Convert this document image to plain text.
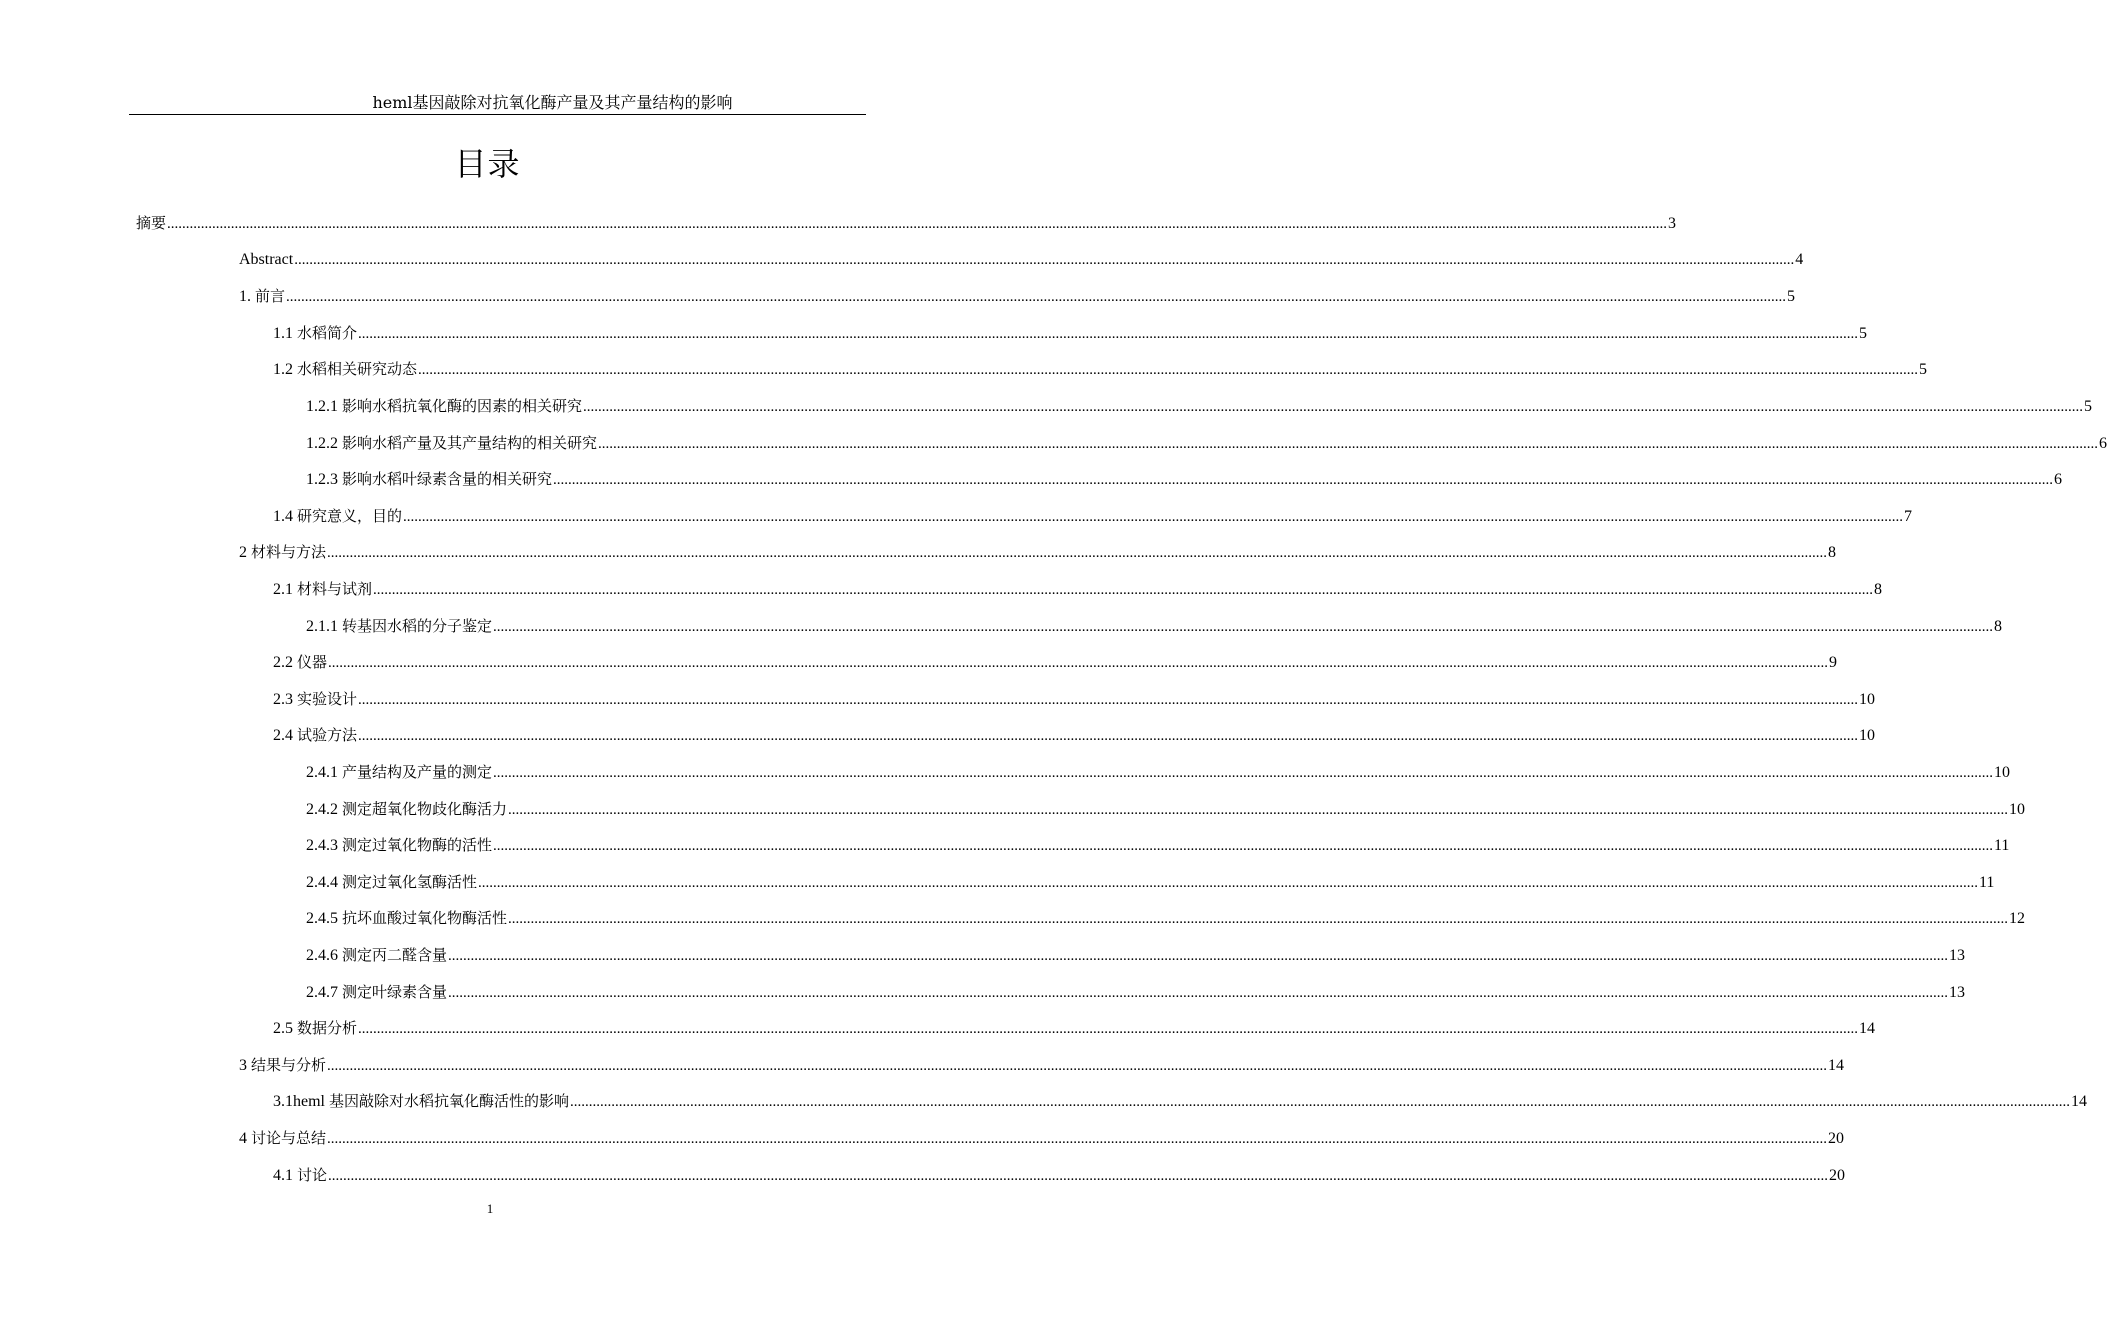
heml基因敲除对抗氧化酶产量及其产量结构的影响
目录
摘要 ................................................................................................................................................................................................................................................................................................................................................................................................................ 3
Abstract ................................................................................................................................................................................................................................................................................................................................................................................................................ 4
1. 前言 ................................................................................................................................................................................................................................................................................................................................................................................................................ 5
1.1 水稻简介 ................................................................................................................................................................................................................................................................................................................................................................................................................ 5
1.2 水稻相关研究动态 ................................................................................................................................................................................................................................................................................................................................................................................................................ 5
1.2.1 影响水稻抗氧化酶的因素的相关研究 ................................................................................................................................................................................................................................................................................................................................................................................................................ 5
1.2.2 影响水稻产量及其产量结构的相关研究 ................................................................................................................................................................................................................................................................................................................................................................................................................ 6
1.2.3 影响水稻叶绿素含量的相关研究 ................................................................................................................................................................................................................................................................................................................................................................................................................ 6
1.4 研究意义，目的 ................................................................................................................................................................................................................................................................................................................................................................................................................ 7
2 材料与方法 ................................................................................................................................................................................................................................................................................................................................................................................................................ 8
2.1 材料与试剂 ................................................................................................................................................................................................................................................................................................................................................................................................................ 8
2.1.1 转基因水稻的分子鉴定 ................................................................................................................................................................................................................................................................................................................................................................................................................ 8
2.2 仪器 ................................................................................................................................................................................................................................................................................................................................................................................................................ 9
2.3 实验设计 ................................................................................................................................................................................................................................................................................................................................................................................................................ 10
2.4 试验方法 ................................................................................................................................................................................................................................................................................................................................................................................................................ 10
2.4.1 产量结构及产量的测定 ................................................................................................................................................................................................................................................................................................................................................................................................................ 10
2.4.2 测定超氧化物歧化酶活力 ................................................................................................................................................................................................................................................................................................................................................................................................................ 10
2.4.3 测定过氧化物酶的活性 ................................................................................................................................................................................................................................................................................................................................................................................................................ 11
2.4.4 测定过氧化氢酶活性 ................................................................................................................................................................................................................................................................................................................................................................................................................ 11
2.4.5 抗坏血酸过氧化物酶活性 ................................................................................................................................................................................................................................................................................................................................................................................................................ 12
2.4.6 测定丙二醛含量 ................................................................................................................................................................................................................................................................................................................................................................................................................ 13
2.4.7 测定叶绿素含量 ................................................................................................................................................................................................................................................................................................................................................................................................................ 13
2.5 数据分析 ................................................................................................................................................................................................................................................................................................................................................................................................................ 14
3 结果与分析 ................................................................................................................................................................................................................................................................................................................................................................................................................ 14
3.1heml 基因敲除对水稻抗氧化酶活性的影响 ................................................................................................................................................................................................................................................................................................................................................................................................................ 14
4 讨论与总结 ................................................................................................................................................................................................................................................................................................................................................................................................................ 20
4.1 讨论 ................................................................................................................................................................................................................................................................................................................................................................................................................ 20
1
